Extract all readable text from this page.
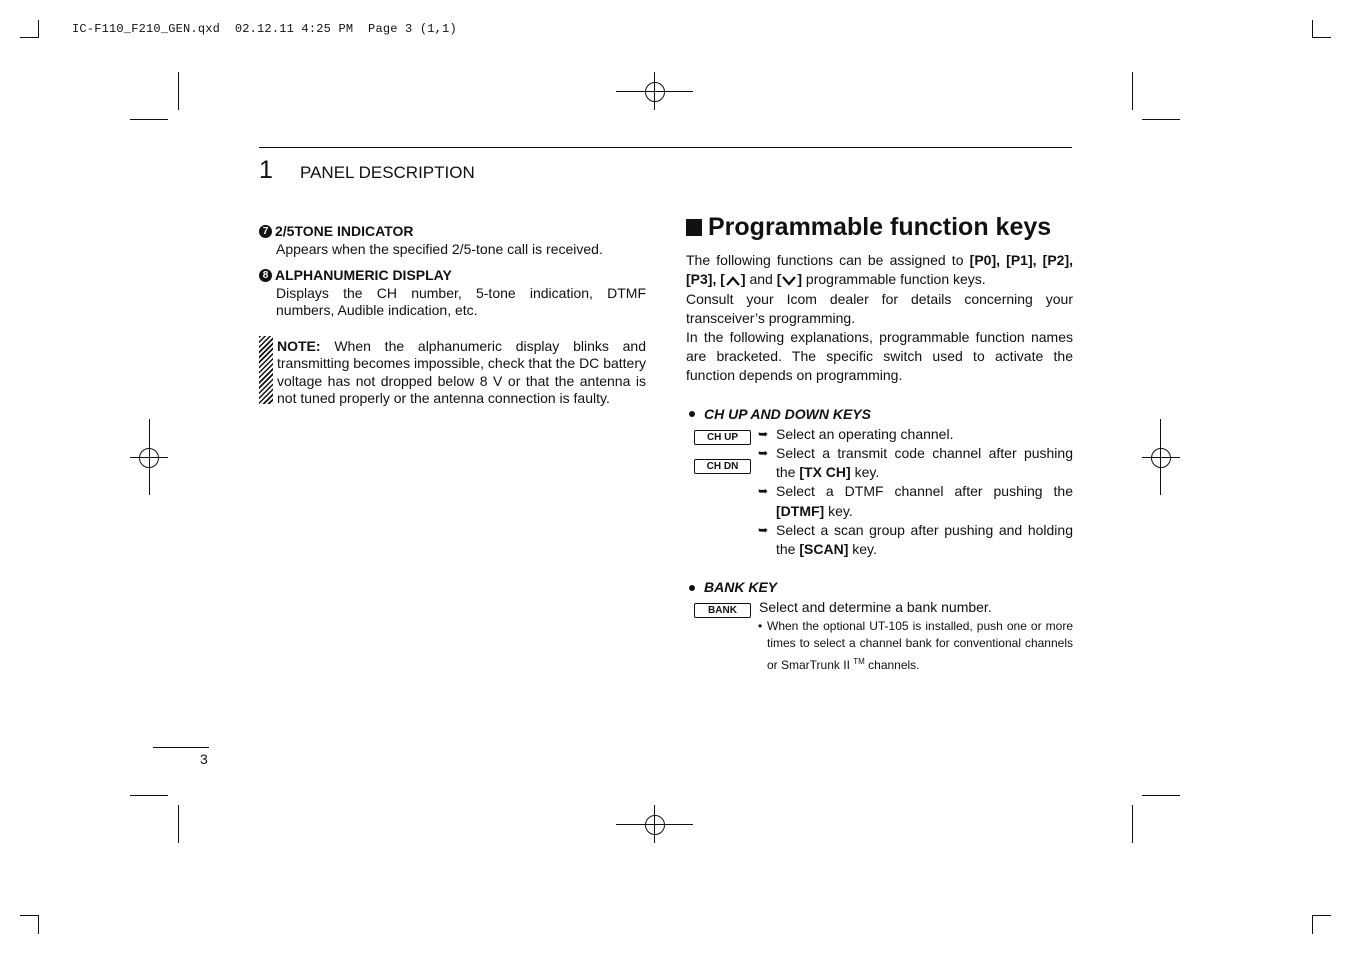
IC-F110_F210_GEN.qxd  02.12.11 4:25 PM  Page 3 (1,1)
1 PANEL DESCRIPTION
7 2/5TONE INDICATOR
Appears when the specified 2/5-tone call is received.
8 ALPHANUMERIC DISPLAY
Displays the CH number, 5-tone indication, DTMF numbers, Audible indication, etc.
NOTE: When the alphanumeric display blinks and transmitting becomes impossible, check that the DC battery voltage has not dropped below 8 V or that the antenna is not tuned properly or the antenna connection is faulty.
Programmable function keys
The following functions can be assigned to [P0], [P1], [P2], [P3], [ ] and [ ] programmable function keys.
Consult your Icom dealer for details concerning your transceiver’s programming.
In the following explanations, programmable function names are bracketed. The specific switch used to activate the function depends on programming.
CH UP AND DOWN KEYS
CH UP
CH DN
➥ Select an operating channel.
➥ Select a transmit code channel after pushing the [TX CH] key.
➥ Select a DTMF channel after pushing the [DTMF] key.
➥ Select a scan group after pushing and holding the [SCAN] key.
BANK KEY
BANK	Select and determine a bank number.
• When the optional UT-105 is installed, push one or more times to select a channel bank for conventional channels or SmarTrunk II ™ channels.
3
